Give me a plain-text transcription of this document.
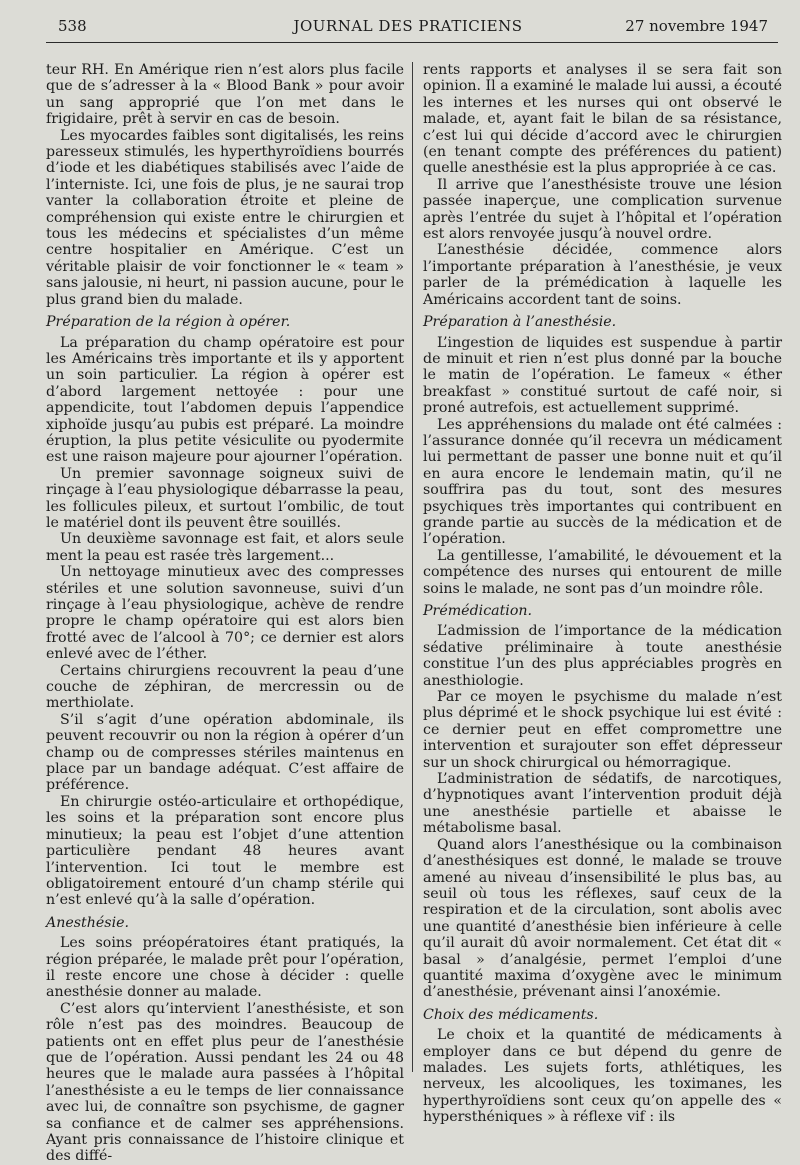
538	JOURNAL DES PRATICIENS	27 novembre 1947

teur RH. En Amérique rien n’est alors plus facile que de s’adresser à la « Blood Bank » pour avoir un sang approprié que l’on met dans le frigidaire, prêt à servir en cas de besoin.

Les myocardes faibles sont digitalisés, les reins paresseux stimulés, les hyperthyroïdiens bourrés d’iode et les diabétiques stabilisés avec l’aide de l’interniste. Ici, une fois de plus, je ne saurai trop vanter la collaboration étroite et pleine de compréhension qui existe entre le chirurgien et tous les médecins et spécialistes d’un même centre hospitalier en Amérique. C’est un véritable plaisir de voir fonctionner le « team » sans jalousie, ni heurt, ni passion aucune, pour le plus grand bien du malade.

Préparation de la région à opérer.

La préparation du champ opératoire est pour les Américains très importante et ils y apportent un soin particulier. La région à opérer est d’abord largement nettoyée : pour une appendicite, tout l’abdomen depuis l’appendice xiphoïde jusqu’au pubis est préparé. La moindre éruption, la plus petite vésiculite ou pyodermite est une raison majeure pour ajourner l’opération.

Un premier savonnage soigneux suivi de rinçage à l’eau physiologique débarrasse la peau, les follicules pileux, et surtout l’ombilic, de tout le matériel dont ils peuvent être souillés.

Un deuxième savonnage est fait, et alors seule ment la peau est rasée très largement...

Un nettoyage minutieux avec des compresses stériles et une solution savonneuse, suivi d’un rinçage à l’eau physiologique, achève de rendre propre le champ opératoire qui est alors bien frotté avec de l’alcool à 70°; ce dernier est alors enlevé avec de l’éther.

Certains chirurgiens recouvrent la peau d’une couche de zéphiran, de mercressin ou de merthiolate.

S’il s’agit d’une opération abdominale, ils peuvent recouvrir ou non la région à opérer d’un champ ou de compresses stériles maintenus en place par un bandage adéquat. C’est affaire de préférence.

En chirurgie ostéo-articulaire et orthopédique, les soins et la préparation sont encore plus minutieux; la peau est l’objet d’une attention particulière pendant 48 heures avant l’intervention. Ici tout le membre est obligatoirement entouré d’un champ stérile qui n’est enlevé qu’à la salle d’opération.

Anesthésie.

Les soins préopératoires étant pratiqués, la région préparée, le malade prêt pour l’opération, il reste encore une chose à décider : quelle anesthésie donner au malade.

C’est alors qu’intervient l’anesthésiste, et son rôle n’est pas des moindres. Beaucoup de patients ont en effet plus peur de l’anesthésie que de l’opération. Aussi pendant les 24 ou 48 heures que le malade aura passées à l’hôpital l’anesthésiste a eu le temps de lier connaissance avec lui, de connaître son psychisme, de gagner sa confiance et de calmer ses appréhensions. Ayant pris connaissance de l’histoire clinique et des diffé-

rents rapports et analyses il se sera fait son opinion. Il a examiné le malade lui aussi, a écouté les internes et les nurses qui ont observé le malade, et, ayant fait le bilan de sa résistance, c’est lui qui décide d’accord avec le chirurgien (en tenant compte des préférences du patient) quelle anesthésie est la plus appropriée à ce cas.

Il arrive que l’anesthésiste trouve une lésion passée inaperçue, une complication survenue après l’entrée du sujet à l’hôpital et l’opération est alors renvoyée jusqu’à nouvel ordre.

L’anesthésie décidée, commence alors l’importante préparation à l’anesthésie, je veux parler de la prémédication à laquelle les Américains accordent tant de soins.

Préparation à l’anesthésie.

L’ingestion de liquides est suspendue à partir de minuit et rien n’est plus donné par la bouche le matin de l’opération. Le fameux « éther breakfast » constitué surtout de café noir, si proné autrefois, est actuellement supprimé.

Les appréhensions du malade ont été calmées : l’assurance donnée qu’il recevra un médicament lui permettant de passer une bonne nuit et qu’il en aura encore le lendemain matin, qu’il ne souffrira pas du tout, sont des mesures psychiques très importantes qui contribuent en grande partie au succès de la médication et de l’opération.

La gentillesse, l’amabilité, le dévouement et la compétence des nurses qui entourent de mille soins le malade, ne sont pas d’un moindre rôle.

Prémédication.

L’admission de l’importance de la médication sédative préliminaire à toute anesthésie constitue l’un des plus appréciables progrès en anesthiologie.

Par ce moyen le psychisme du malade n’est plus déprimé et le shock psychique lui est évité : ce dernier peut en effet compromettre une intervention et surajouter son effet dépresseur sur un shock chirurgical ou hémorragique.

L’administration de sédatifs, de narcotiques, d’hypnotiques avant l’intervention produit déjà une anesthésie partielle et abaisse le métabolisme basal.

Quand alors l’anesthésique ou la combinaison d’anesthésiques est donné, le malade se trouve amené au niveau d’insensibilité le plus bas, au seuil où tous les réflexes, sauf ceux de la respiration et de la circulation, sont abolis avec une quantité d’anesthésie bien inférieure à celle qu’il aurait dû avoir normalement. Cet état dit « basal » d’analgésie, permet l’emploi d’une quantité maxima d’oxygène avec le minimum d’anesthésie, prévenant ainsi l’anoxémie.

Choix des médicaments.

Le choix et la quantité de médicaments à employer dans ce but dépend du genre de malades. Les sujets forts, athlétiques, les nerveux, les alcooliques, les toximanes, les hyperthyroïdiens sont ceux qu’on appelle des « hypersthéniques » à réflexe vif : ils
